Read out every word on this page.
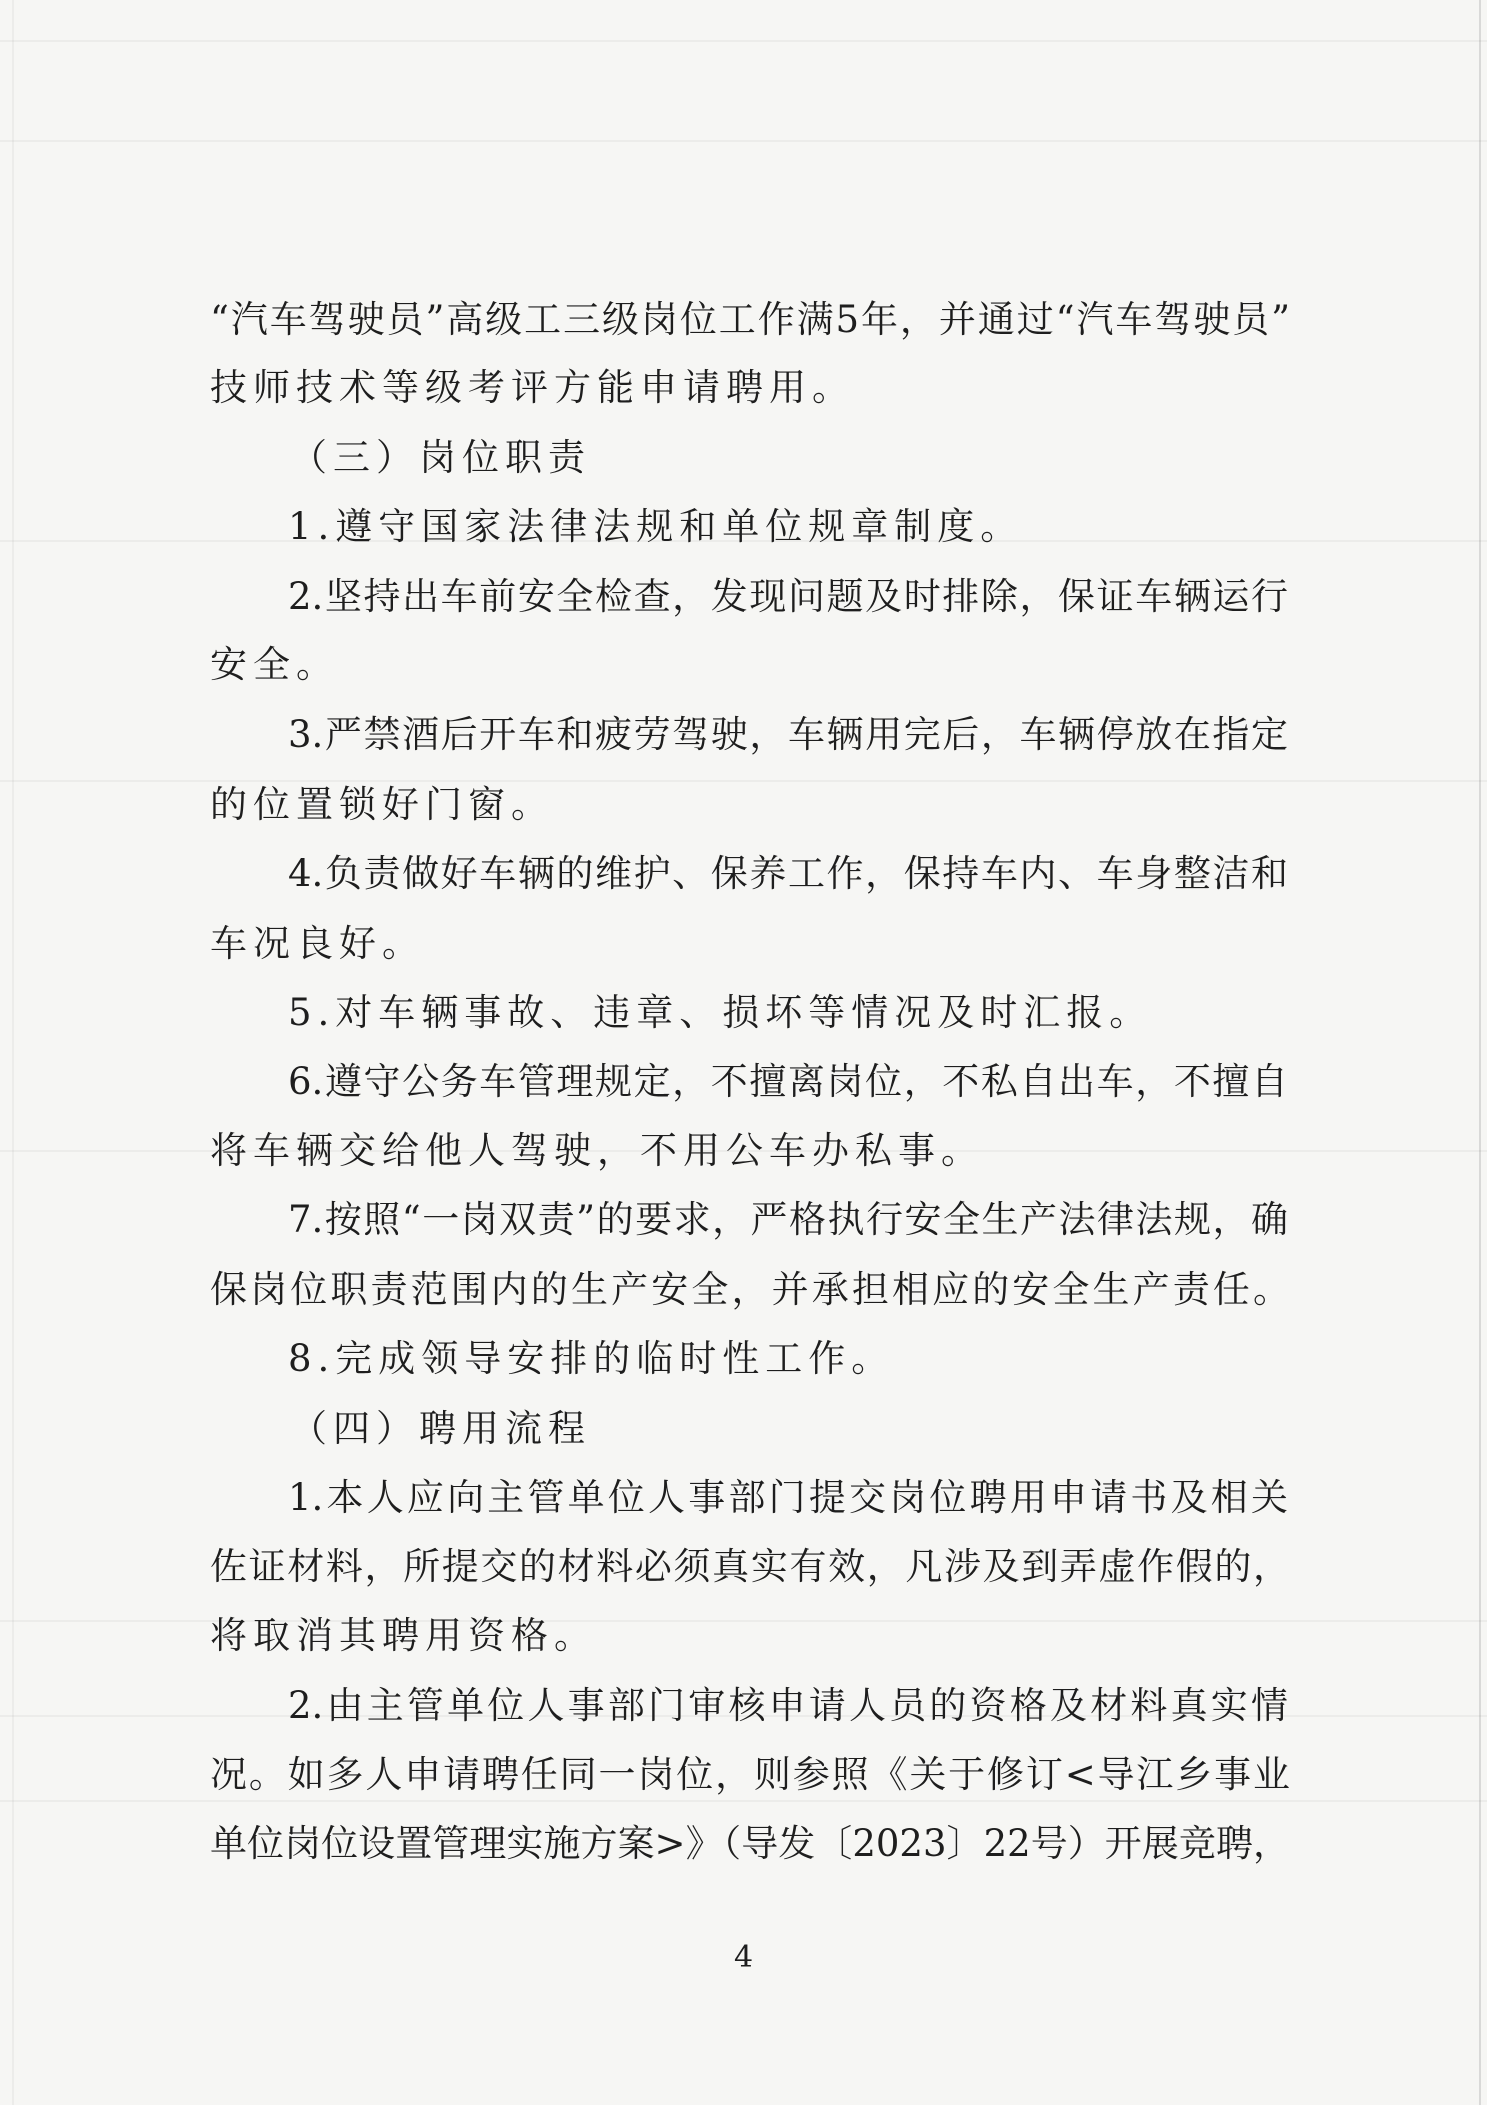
“汽车驾驶员”高级工三级岗位工作满5年，并通过“汽车驾驶员”
技师技术等级考评方能申请聘用。
（三）岗位职责
1.遵守国家法律法规和单位规章制度。
2.坚持出车前安全检查，发现问题及时排除，保证车辆运行
安全。
3.严禁酒后开车和疲劳驾驶，车辆用完后，车辆停放在指定
的位置锁好门窗。
4.负责做好车辆的维护、保养工作，保持车内、车身整洁和
车况良好。
5.对车辆事故、违章、损坏等情况及时汇报。
6.遵守公务车管理规定，不擅离岗位，不私自出车，不擅自
将车辆交给他人驾驶，不用公车办私事。
7.按照“一岗双责”的要求，严格执行安全生产法律法规，确
保岗位职责范围内的生产安全，并承担相应的安全生产责任。
8.完成领导安排的临时性工作。
（四）聘用流程
1.本人应向主管单位人事部门提交岗位聘用申请书及相关
佐证材料，所提交的材料必须真实有效，凡涉及到弄虚作假的，
将取消其聘用资格。
2.由主管单位人事部门审核申请人员的资格及材料真实情
况。如多人申请聘任同一岗位，则参照《关于修订<导江乡事业
单位岗位设置管理实施方案>》（导发〔2023〕22号）开展竞聘，
4
